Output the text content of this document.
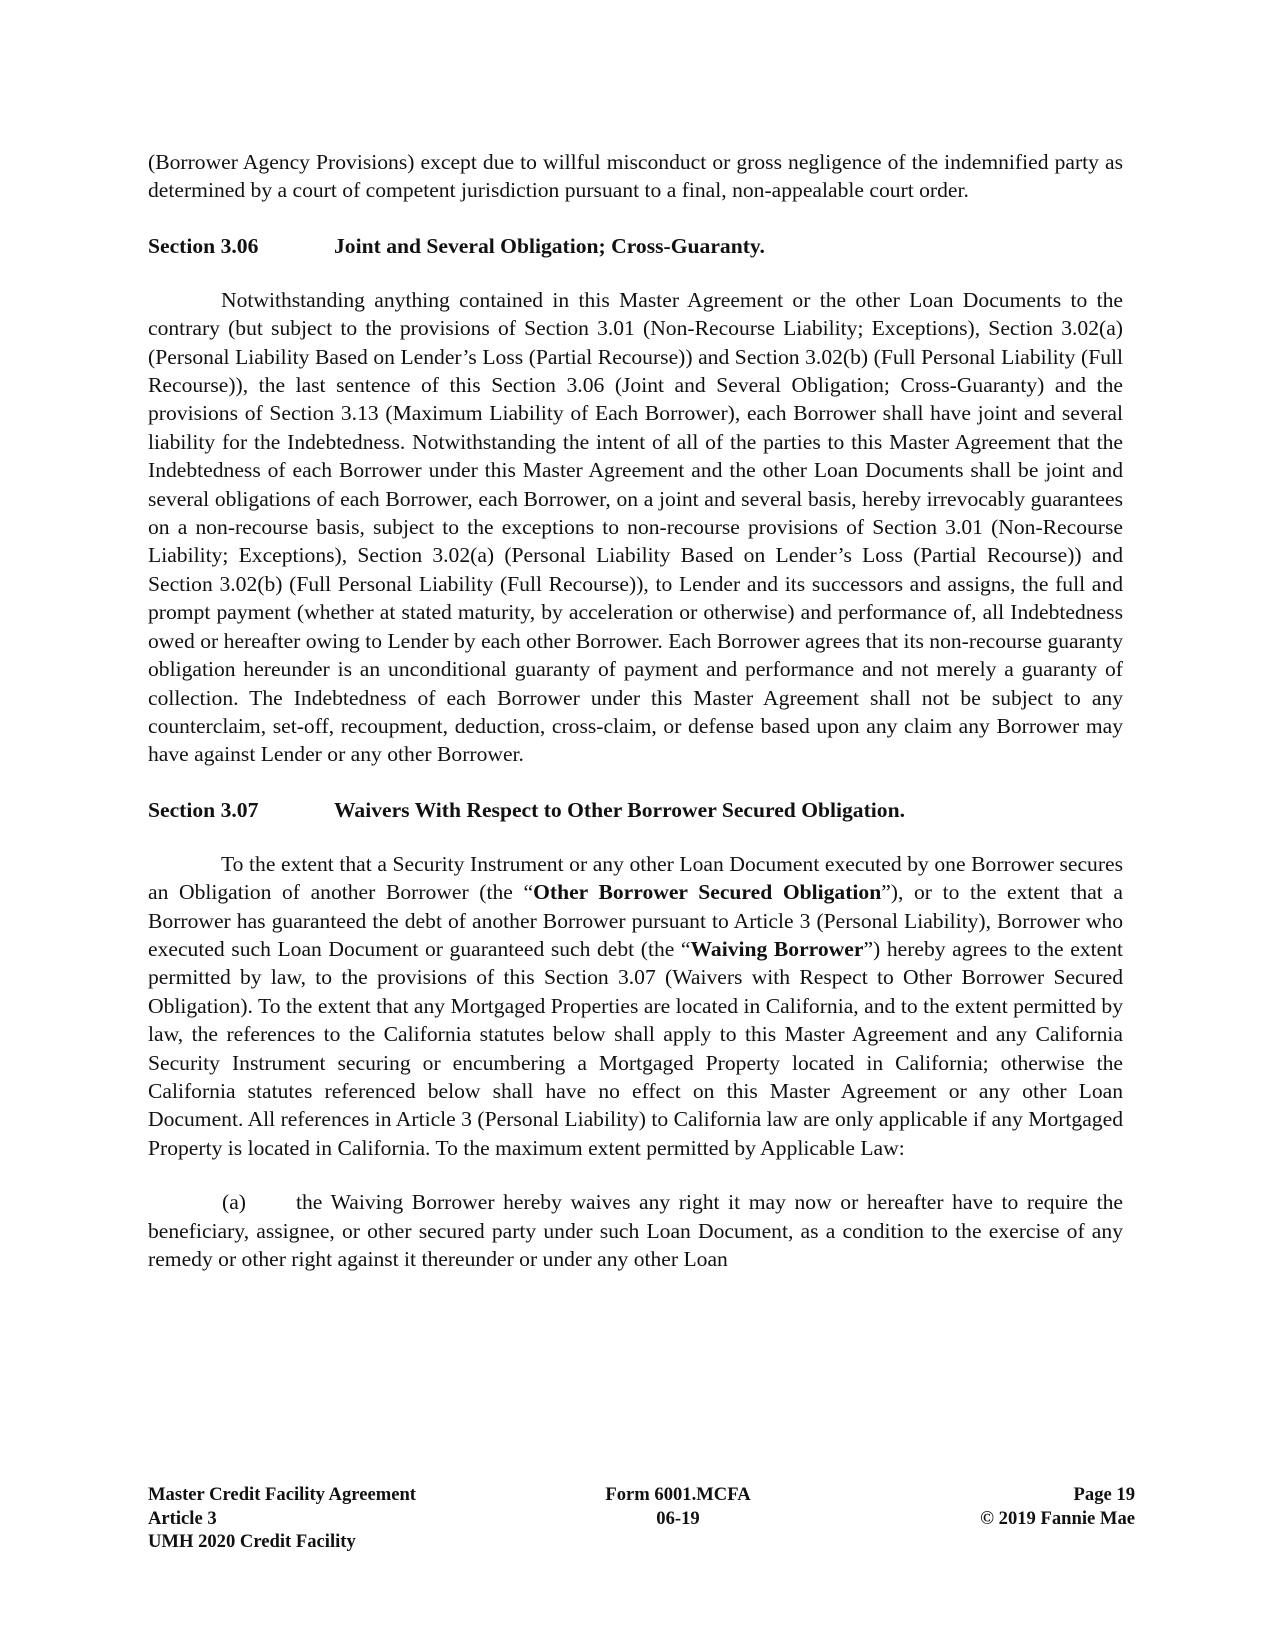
(Borrower Agency Provisions) except due to willful misconduct or gross negligence of the indemnified party as determined by a court of competent jurisdiction pursuant to a final, non-appealable court order.

Section 3.06	Joint and Several Obligation; Cross-Guaranty.

Notwithstanding anything contained in this Master Agreement or the other Loan Documents to the contrary (but subject to the provisions of Section 3.01 (Non-Recourse Liability; Exceptions), Section 3.02(a) (Personal Liability Based on Lender’s Loss (Partial Recourse)) and Section 3.02(b) (Full Personal Liability (Full Recourse)), the last sentence of this Section 3.06 (Joint and Several Obligation; Cross-Guaranty) and the provisions of Section 3.13 (Maximum Liability of Each Borrower), each Borrower shall have joint and several liability for the Indebtedness. Notwithstanding the intent of all of the parties to this Master Agreement that the Indebtedness of each Borrower under this Master Agreement and the other Loan Documents shall be joint and several obligations of each Borrower, each Borrower, on a joint and several basis, hereby irrevocably guarantees on a non-recourse basis, subject to the exceptions to non-recourse provisions of Section 3.01 (Non-Recourse Liability; Exceptions), Section 3.02(a) (Personal Liability Based on Lender’s Loss (Partial Recourse)) and Section 3.02(b) (Full Personal Liability (Full Recourse)), to Lender and its successors and assigns, the full and prompt payment (whether at stated maturity, by acceleration or otherwise) and performance of, all Indebtedness owed or hereafter owing to Lender by each other Borrower. Each Borrower agrees that its non-recourse guaranty obligation hereunder is an unconditional guaranty of payment and performance and not merely a guaranty of collection. The Indebtedness of each Borrower under this Master Agreement shall not be subject to any counterclaim, set-off, recoupment, deduction, cross-claim, or defense based upon any claim any Borrower may have against Lender or any other Borrower.

Section 3.07	Waivers With Respect to Other Borrower Secured Obligation.

To the extent that a Security Instrument or any other Loan Document executed by one Borrower secures an Obligation of another Borrower (the “Other Borrower Secured Obligation”), or to the extent that a Borrower has guaranteed the debt of another Borrower pursuant to Article 3 (Personal Liability), Borrower who executed such Loan Document or guaranteed such debt (the “Waiving Borrower”) hereby agrees to the extent permitted by law, to the provisions of this Section 3.07 (Waivers with Respect to Other Borrower Secured Obligation). To the extent that any Mortgaged Properties are located in California, and to the extent permitted by law, the references to the California statutes below shall apply to this Master Agreement and any California Security Instrument securing or encumbering a Mortgaged Property located in California; otherwise the California statutes referenced below shall have no effect on this Master Agreement or any other Loan Document. All references in Article 3 (Personal Liability) to California law are only applicable if any Mortgaged Property is located in California. To the maximum extent permitted by Applicable Law:

(a) the Waiving Borrower hereby waives any right it may now or hereafter have to require the beneficiary, assignee, or other secured party under such Loan Document, as a condition to the exercise of any remedy or other right against it thereunder or under any other Loan

Master Credit Facility Agreement
Article 3
UMH 2020 Credit Facility
Form 6001.MCFA
06-19
Page 19
© 2019 Fannie Mae
